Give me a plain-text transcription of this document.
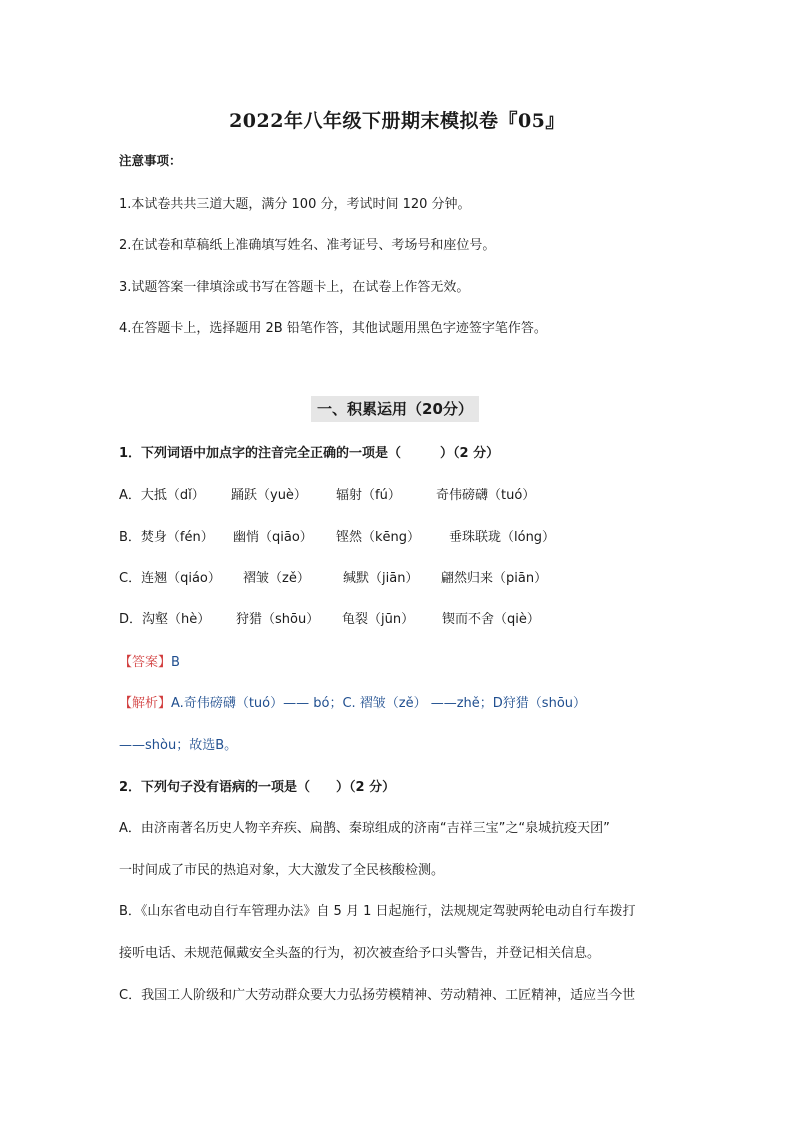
2022年八年级下册期末模拟卷『05』
注意事项：
1.本试卷共共三道大题，满分 100 分，考试时间 120 分钟。
2.在试卷和草稿纸上准确填写姓名、准考证号、考场号和座位号。
3.试题答案一律填涂或书写在答题卡上，在试卷上作答无效。
4.在答题卡上，选择题用 2B 铅笔作答，其他试题用黑色字迹签字笔作答。
一、积累运用（20分）
1．下列词语中加点字的注音完全正确的一项是（　　　）（2 分）
A．大抵（dǐ） 踊跃（yuè） 辐射（fú）	奇伟磅礴（tuó）
B．焚身（fén） 幽悄（qiāo） 铿然（kēng） 垂珠联珑（lóng）
C．连翘（qiáo） 褶皱（zě）	缄默（jiān） 翩然归来（piān）
D．沟壑（hè） 狩猎（shōu） 龟裂（jūn） 锲而不舍（qiè）
【答案】B
【解析】A.奇伟磅礴（tuó）—— bó；C. 褶皱（zě） ——zhě；D狩猎（shōu）
——shòu；故选B。
2．下列句子没有语病的一项是（　　）（2 分）
A．由济南著名历史人物辛弃疾、扁鹊、秦琼组成的济南“吉祥三宝”之“泉城抗疫天团”
一时间成了市民的热追对象，大大激发了全民核酸检测。
B．《山东省电动自行车管理办法》自 5 月 1 日起施行，法规规定驾驶两轮电动自行车拨打
接听电话、未规范佩戴安全头盔的行为，初次被查给予口头警告，并登记相关信息。
C．我国工人阶级和广大劳动群众要大力弘扬劳模精神、劳动精神、工匠精神，适应当今世
